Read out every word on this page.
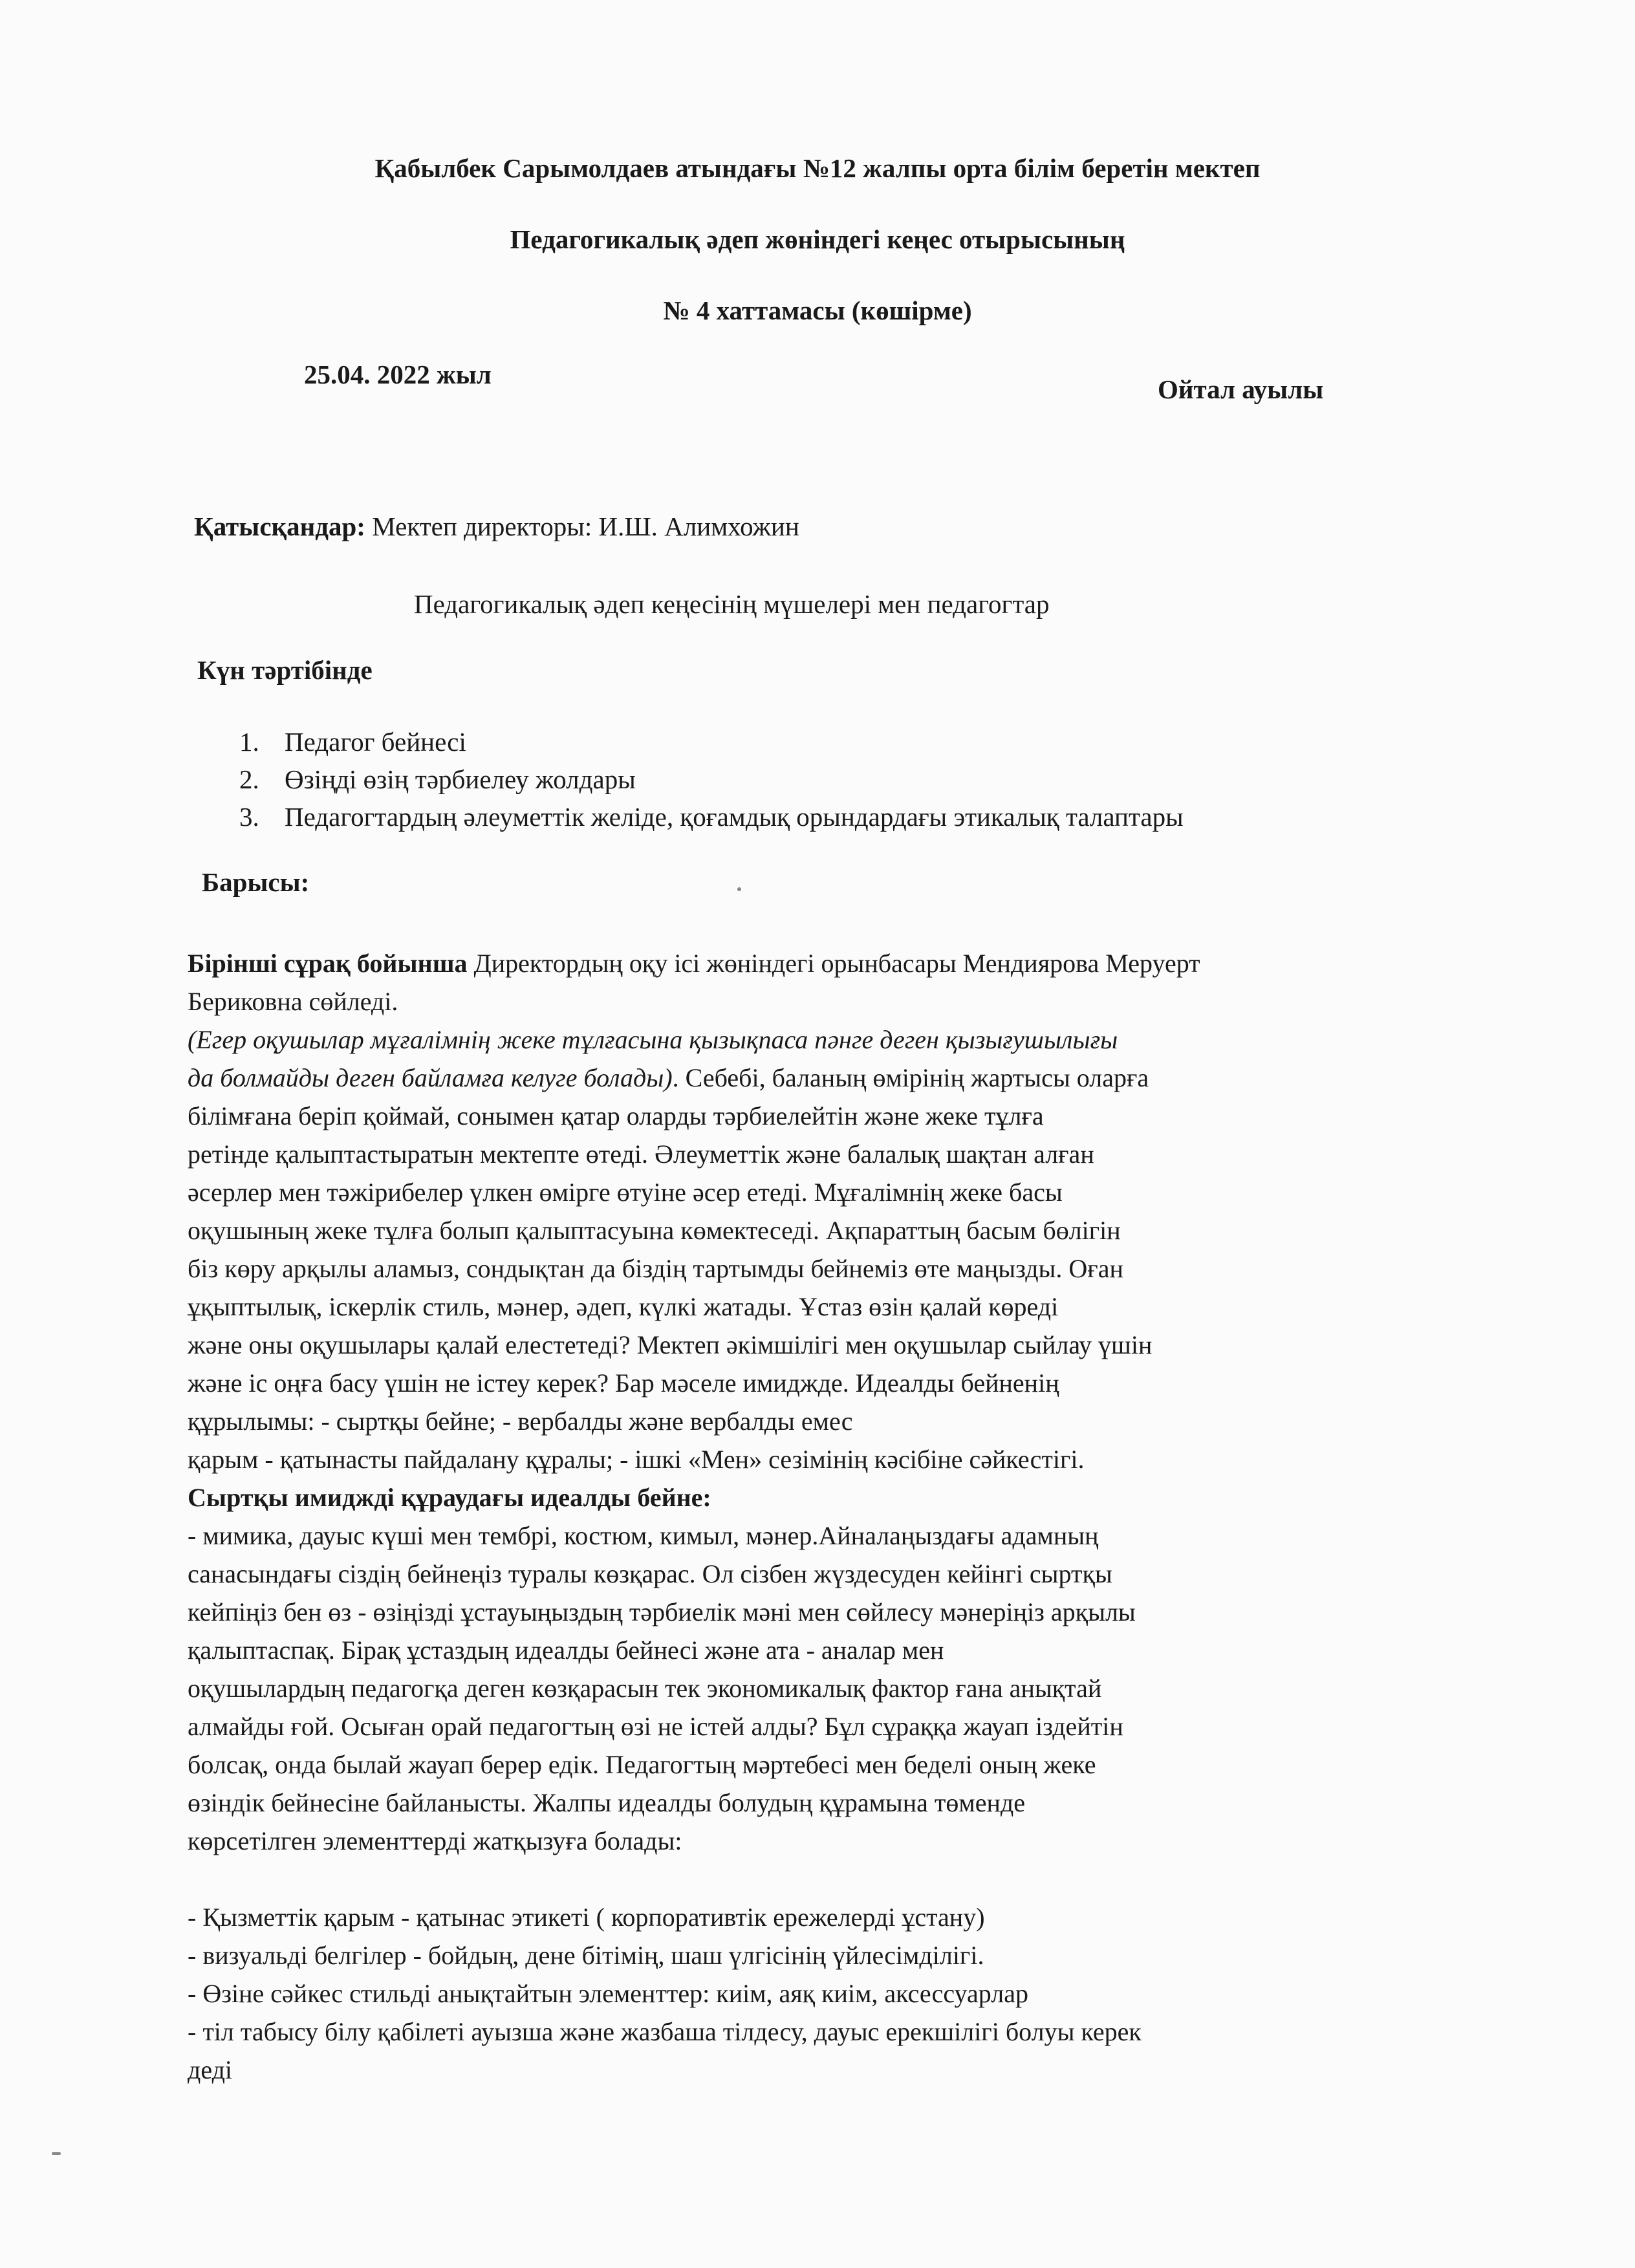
Қабылбек Сарымолдаев атындағы №12 жалпы орта білім беретін мектеп
Педагогикалық әдеп жөніндегі кеңес отырысының
№ 4 хаттамасы (көшірме)
25.04. 2022 жыл	Ойтал ауылы
Қатысқандар: Мектеп директоры: И.Ш. Алимхожин
Педагогикалық әдеп кеңесінің мүшелері мен педагогтар
Күн тәртібінде
1. Педагог бейнесі
2. Өзіңді өзің тәрбиелеу жолдары
3. Педагогтардың әлеуметтік желіде, қоғамдық орындардағы этикалық талаптары
Барысы:
Бірінші сұрақ бойынша Директордың оқу ісі жөніндегі орынбасары Мендиярова Меруерт
Бериковна сөйледі.
(Егер оқушылар мұғалімнің жеке тұлғасына қызықпаса пәнге деген қызығушылығы
да болмайды деген байламға келуге болады). Себебі, баланың өмірінің жартысы оларға
білімғана беріп қоймай, сонымен қатар оларды тәрбиелейтін және жеке тұлға
ретінде қалыптастыратын мектепте өтеді. Әлеуметтік және балалық шақтан алған
әсерлер мен тәжірибелер үлкен өмірге өтуіне әсер етеді. Мұғалімнің жеке басы
оқушының жеке тұлға болып қалыптасуына көмектеседі. Ақпараттың басым бөлігін
біз көру арқылы аламыз, сондықтан да біздің тартымды бейнеміз өте маңызды. Оған
ұқыптылық, іскерлік стиль, мәнер, әдеп, күлкі жатады. Ұстаз өзін қалай көреді
және оны оқушылары қалай елестетеді? Мектеп әкімшілігі мен оқушылар сыйлау үшін
және іс оңға басу үшін не істеу керек? Бар мәселе имиджде. Идеалды бейненің
құрылымы: - сыртқы бейне; - вербалды және вербалды емес
қарым - қатынасты пайдалану құралы; - ішкі «Мен» сезімінің кәсібіне сәйкестігі.
Сыртқы имиджді құраудағы идеалды бейне:
- мимика, дауыс күші мен тембрі, костюм, кимыл, мәнер.Айналаңыздағы адамның
санасындағы сіздің бейнеңіз туралы көзқарас. Ол сізбен жүздесуден кейінгі сыртқы
кейпіңіз бен өз - өзіңізді ұстауыңыздың тәрбиелік мәні мен сөйлесу мәнеріңіз арқылы
қалыптаспақ. Бірақ ұстаздың идеалды бейнесі және ата - аналар мен
оқушылардың педагогқа деген көзқарасын тек экономикалық фактор ғана анықтай
алмайды ғой. Осыған орай педагогтың өзі не істей алды? Бұл сұраққа жауап іздейтін
болсақ, онда былай жауап берер едік. Педагогтың мәртебесі мен беделі оның жеке
өзіндік бейнесіне байланысты. Жалпы идеалды болудың құрамына төменде
көрсетілген элементтерді жатқызуға болады:
- Қызметтік қарым - қатынас этикеті ( корпоративтік ережелерді ұстану)
- визуальді белгілер - бойдың, дене бітімің, шаш үлгісінің үйлесімділігі.
- Өзіне сәйкес стильді анықтайтын элементтер: киім, аяқ киім, аксессуарлар
- тіл табысу білу қабілеті ауызша және жазбаша тілдесу, дауыс ерекшілігі болуы керек
деді
